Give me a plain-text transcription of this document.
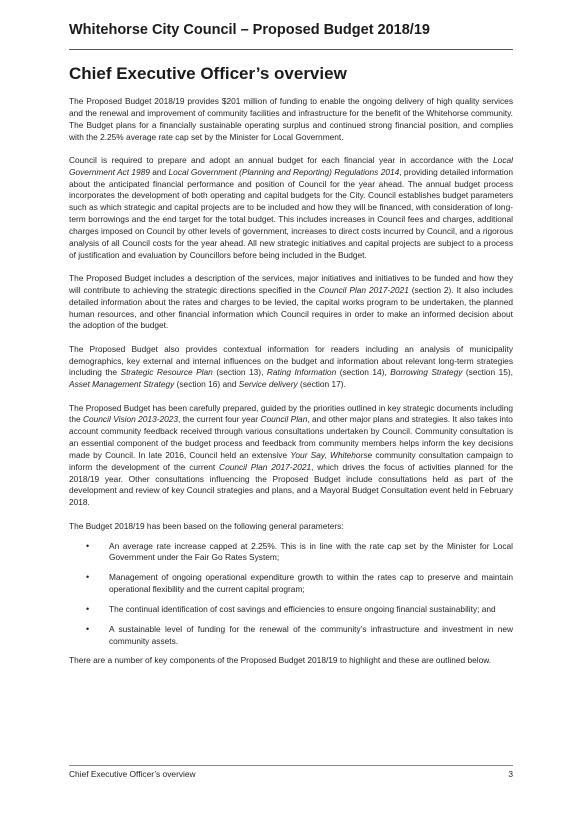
Whitehorse City Council – Proposed Budget 2018/19
Chief Executive Officer’s overview

The Proposed Budget 2018/19 provides $201 million of funding to enable the ongoing delivery of high quality services and the renewal and improvement of community facilities and infrastructure for the benefit of the Whitehorse community. The Budget plans for a financially sustainable operating surplus and continued strong financial position, and complies with the 2.25% average rate cap set by the Minister for Local Government.

Council is required to prepare and adopt an annual budget for each financial year in accordance with the Local Government Act 1989 and Local Government (Planning and Reporting) Regulations 2014, providing detailed information about the anticipated financial performance and position of Council for the year ahead. The annual budget process incorporates the development of both operating and capital budgets for the City. Council establishes budget parameters such as which strategic and capital projects are to be included and how they will be financed, with consideration of long-term borrowings and the end target for the total budget. This includes increases in Council fees and charges, additional charges imposed on Council by other levels of government, increases to direct costs incurred by Council, and a rigorous analysis of all Council costs for the year ahead. All new strategic initiatives and capital projects are subject to a process of justification and evaluation by Councillors before being included in the Budget.

The Proposed Budget includes a description of the services, major initiatives and initiatives to be funded and how they will contribute to achieving the strategic directions specified in the Council Plan 2017-2021 (section 2). It also includes detailed information about the rates and charges to be levied, the capital works program to be undertaken, the planned human resources, and other financial information which Council requires in order to make an informed decision about the adoption of the budget.

The Proposed Budget also provides contextual information for readers including an analysis of municipality demographics, key external and internal influences on the budget and information about relevant long-term strategies including the Strategic Resource Plan (section 13), Rating Information (section 14), Borrowing Strategy (section 15), Asset Management Strategy (section 16) and Service delivery (section 17).

The Proposed Budget has been carefully prepared, guided by the priorities outlined in key strategic documents including the Council Vision 2013-2023, the current four year Council Plan, and other major plans and strategies. It also takes into account community feedback received through various consultations undertaken by Council. Community consultation is an essential component of the budget process and feedback from community members helps inform the key decisions made by Council. In late 2016, Council held an extensive Your Say, Whitehorse community consultation campaign to inform the development of the current Council Plan 2017-2021, which drives the focus of activities planned for the 2018/19 year. Other consultations influencing the Proposed Budget include consultations held as part of the development and review of key Council strategies and plans, and a Mayoral Budget Consultation event held in February 2018.

The Budget 2018/19 has been based on the following general parameters:

• An average rate increase capped at 2.25%. This is in line with the rate cap set by the Minister for Local Government under the Fair Go Rates System;
• Management of ongoing operational expenditure growth to within the rates cap to preserve and maintain operational flexibility and the current capital program;
• The continual identification of cost savings and efficiencies to ensure ongoing financial sustainability; and
• A sustainable level of funding for the renewal of the community’s infrastructure and investment in new community assets.

There are a number of key components of the Proposed Budget 2018/19 to highlight and these are outlined below.

Chief Executive Officer’s overview	3
